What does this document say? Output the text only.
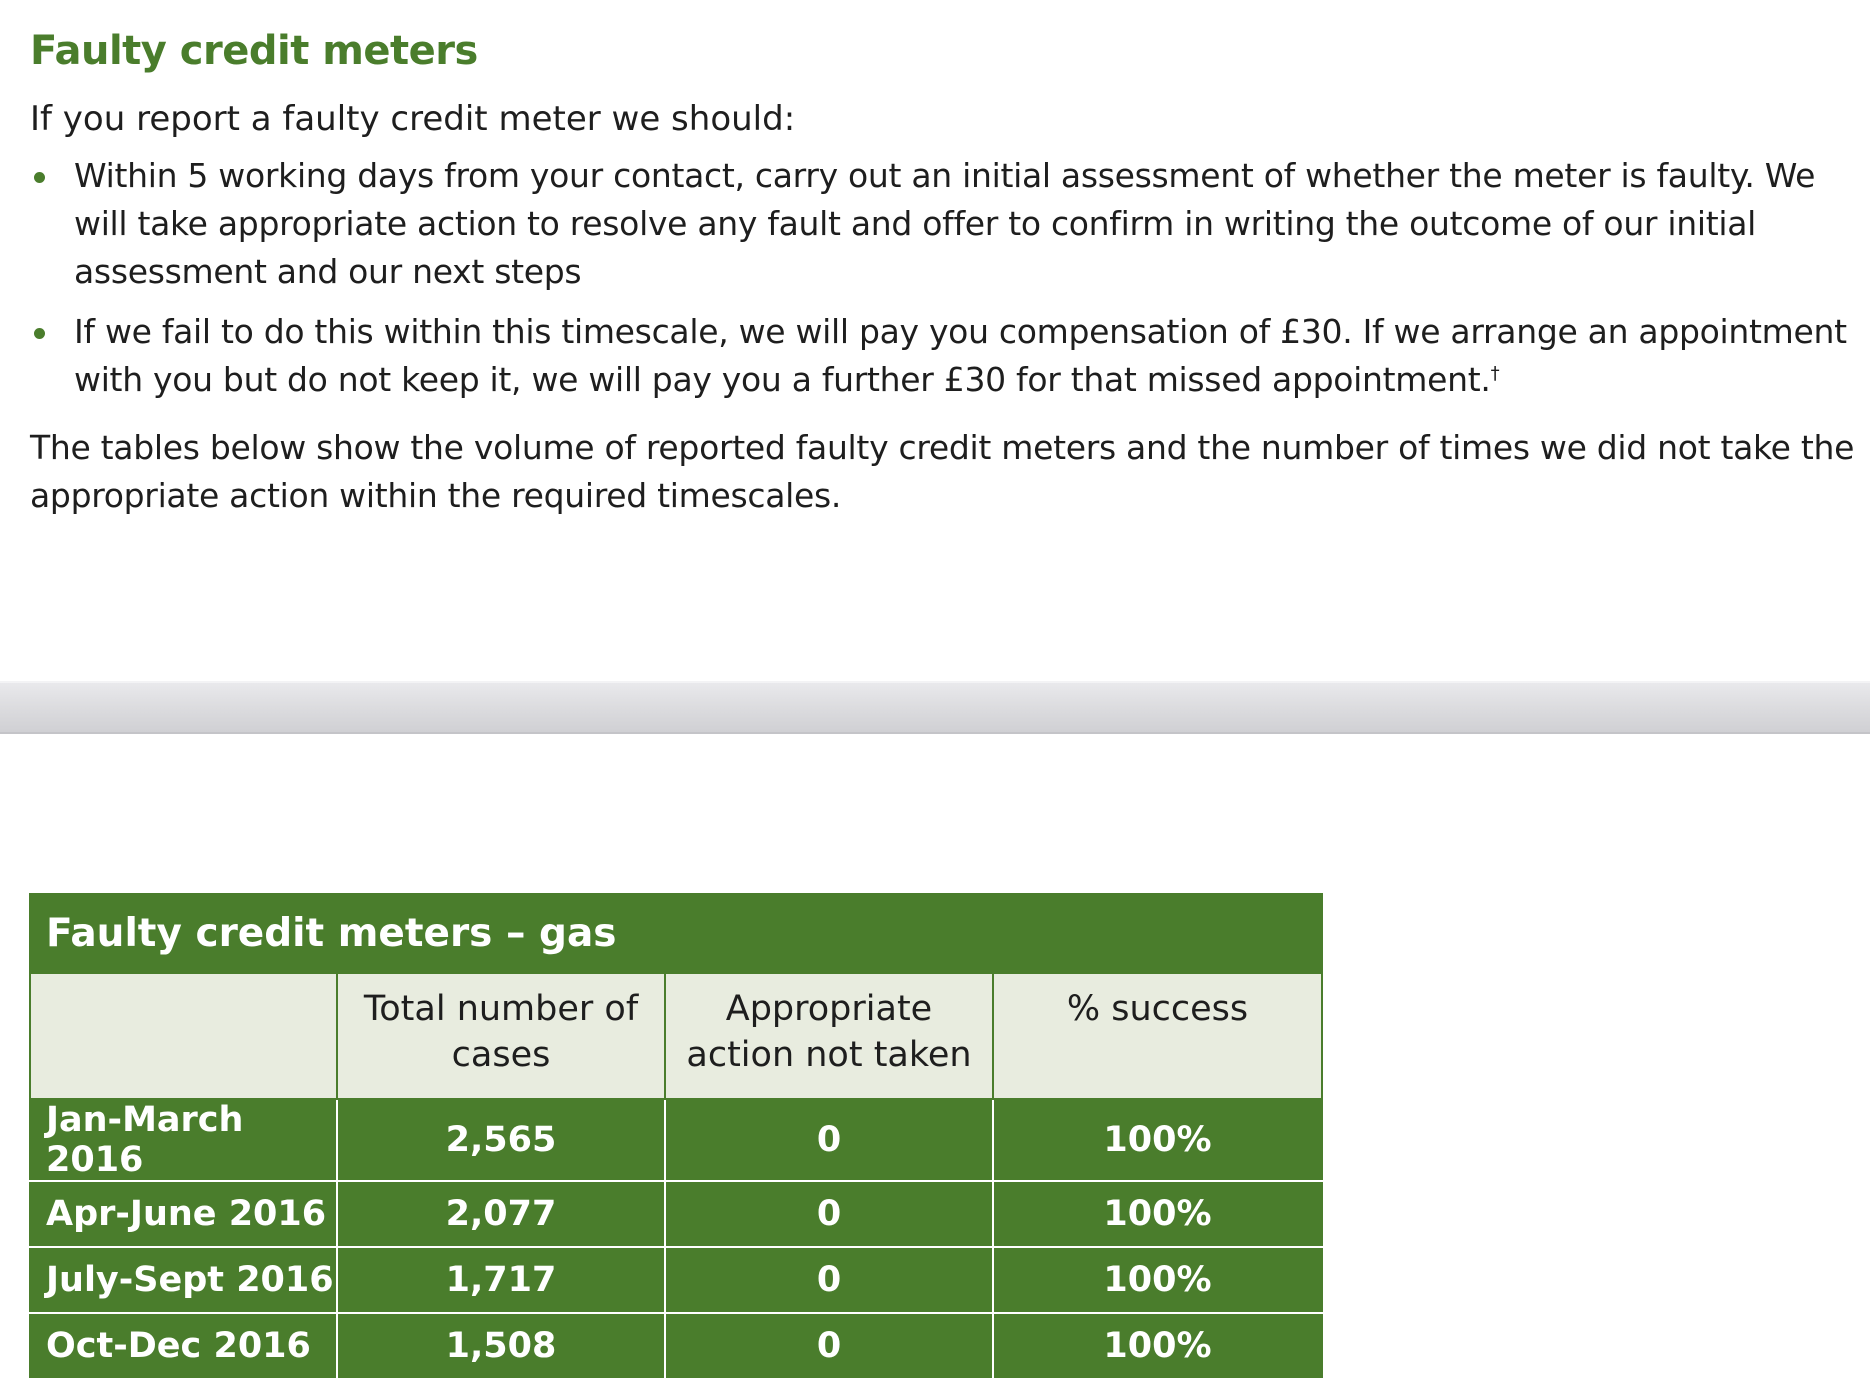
Faulty credit meters

If you report a faulty credit meter we should:

Within 5 working days from your contact, carry out an initial assessment of whether the meter is faulty. We will take appropriate action to resolve any fault and offer to confirm in writing the outcome of our initial assessment and our next steps
If we fail to do this within this timescale, we will pay you compensation of £30. If we arrange an appointment with you but do not keep it, we will pay you a further £30 for that missed appointment.†

The tables below show the volume of reported faulty credit meters and the number of times we did not take the appropriate action within the required timescales.

Faulty credit meters – gas			
	Total number of cases	Appropriate action not taken	% success
Jan-March 2016	2,565	0	100%
Apr-June 2016	2,077	0	100%
July-Sept 2016	1,717	0	100%
Oct-Dec 2016	1,508	0	100%
